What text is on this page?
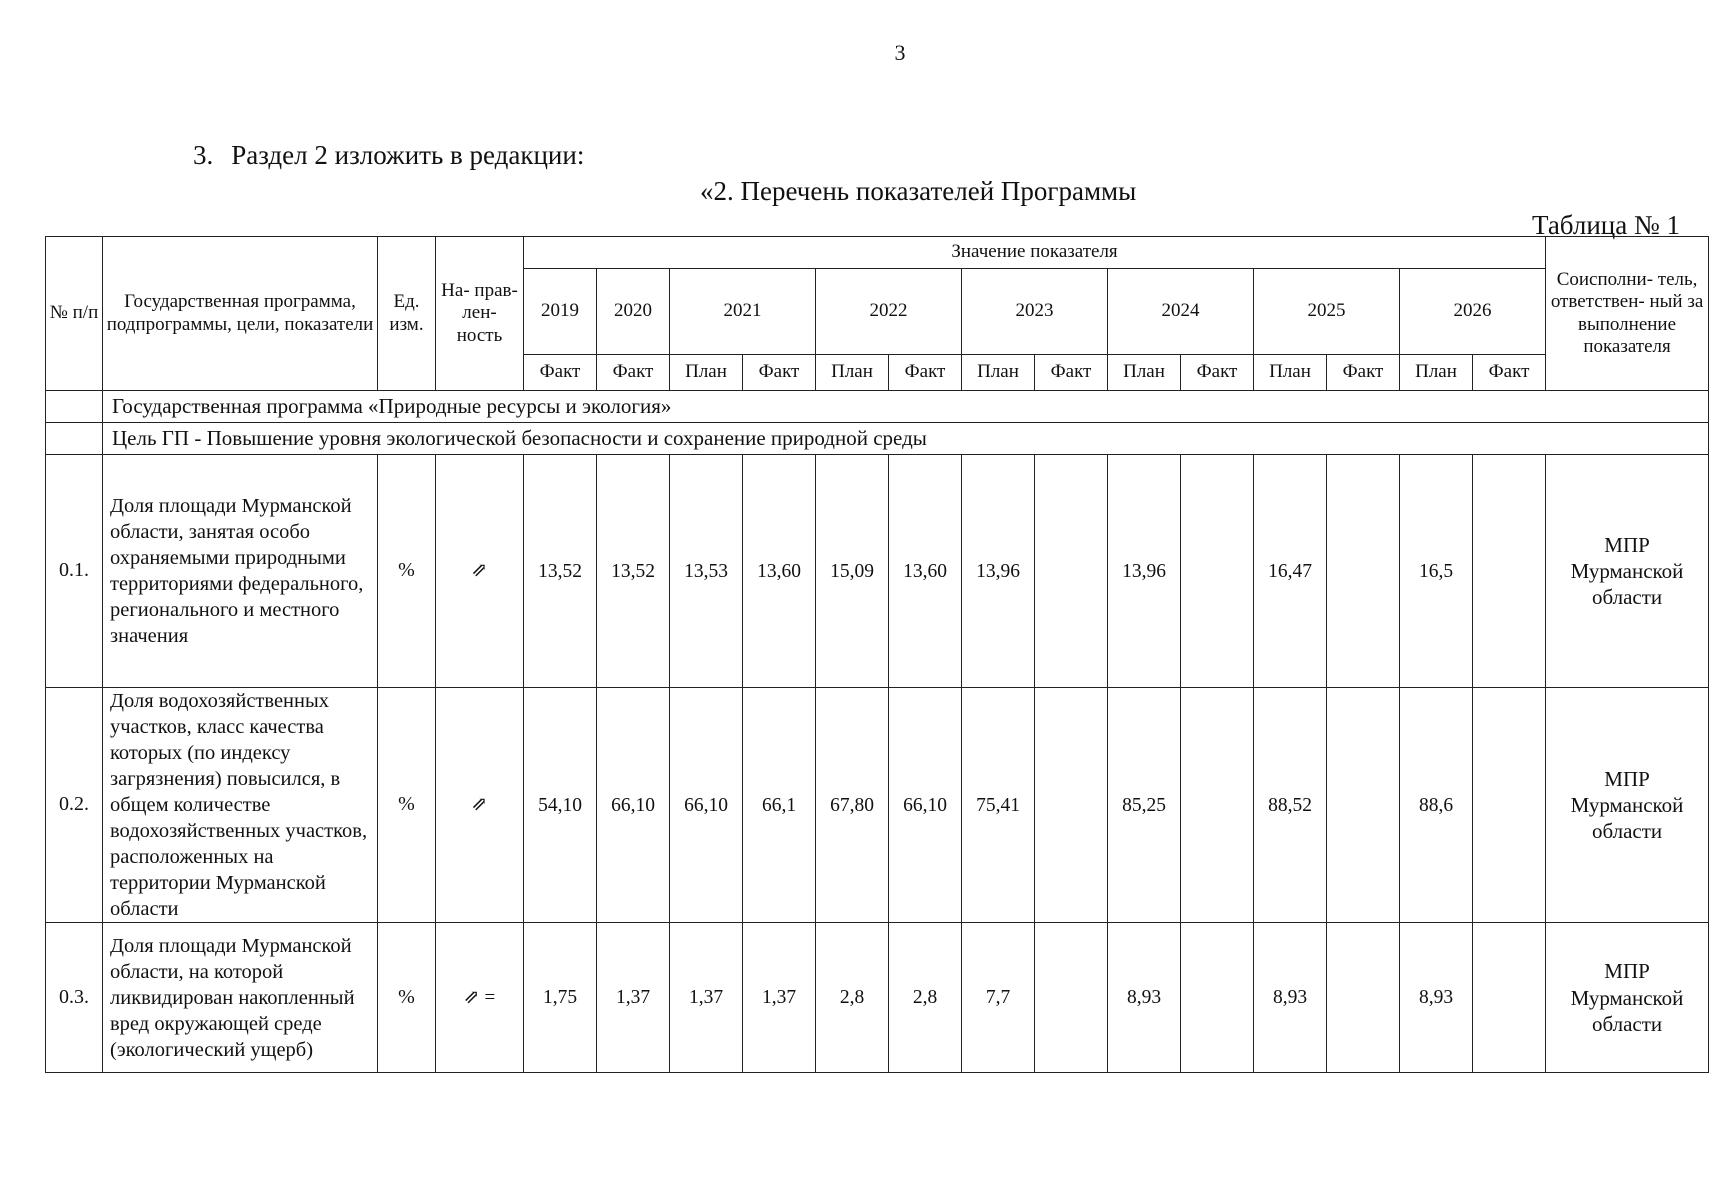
3
3. Раздел 2 изложить в редакции:
«2. Перечень показателей Программы
Таблица № 1
№ п/п	Государственная программа, подпрограммы, цели, показатели	Ед. изм.	На- прав- лен- ность	Значение показателя														Соисполни- тель, ответствен- ный за выполнение показателя
				2019	2020	2021		2022		2023		2024		2025		2026		
				Факт	Факт	План	Факт	План	Факт	План	Факт	План	Факт	План	Факт	План	Факт	
	Государственная программа «Природные ресурсы и экология»																	
	Цель ГП - Повышение уровня экологической безопасности и сохранение природной среды																	
0.1.	Доля площади Мурманской области, занятая особо охраняемыми природными территориями федерального, регионального и местного значения	%	⇗	13,52	13,52	13,53	13,60	15,09	13,60	13,96		13,96		16,47		16,5		МПР Мурманской области
0.2.	Доля водохозяйственных участков, класс качества которых (по индексу загрязнения) повысился, в общем количестве водохозяйственных участков, расположенных на территории Мурманской области	%	⇗	54,10	66,10	66,10	66,1	67,80	66,10	75,41		85,25		88,52		88,6		МПР Мурманской области
0.3.	Доля площади Мурманской области, на которой ликвидирован накопленный вред окружающей среде (экологический ущерб)	%	⇗ =	1,75	1,37	1,37	1,37	2,8	2,8	7,7		8,93		8,93		8,93		МПР Мурманской области
